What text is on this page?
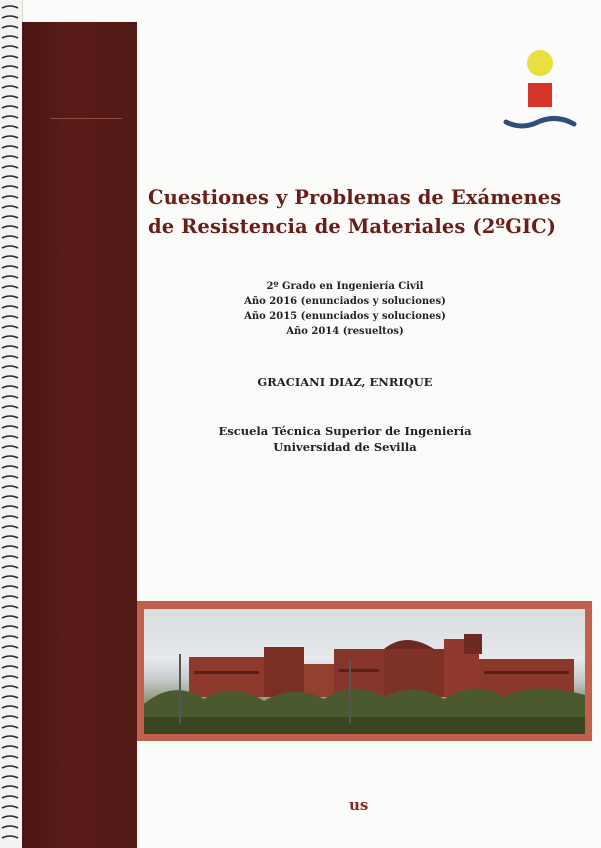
Cuestiones y Problemas de Exámenes
de Resistencia de Materiales (2ºGIC)
2º Grado en Ingeniería Civil
Año 2016 (enunciados y soluciones)
Año 2015 (enunciados y soluciones)
Año 2014 (resueltos)
GRACIANI DIAZ, ENRIQUE
Escuela Técnica Superior de Ingeniería
Universidad de Sevilla
us
